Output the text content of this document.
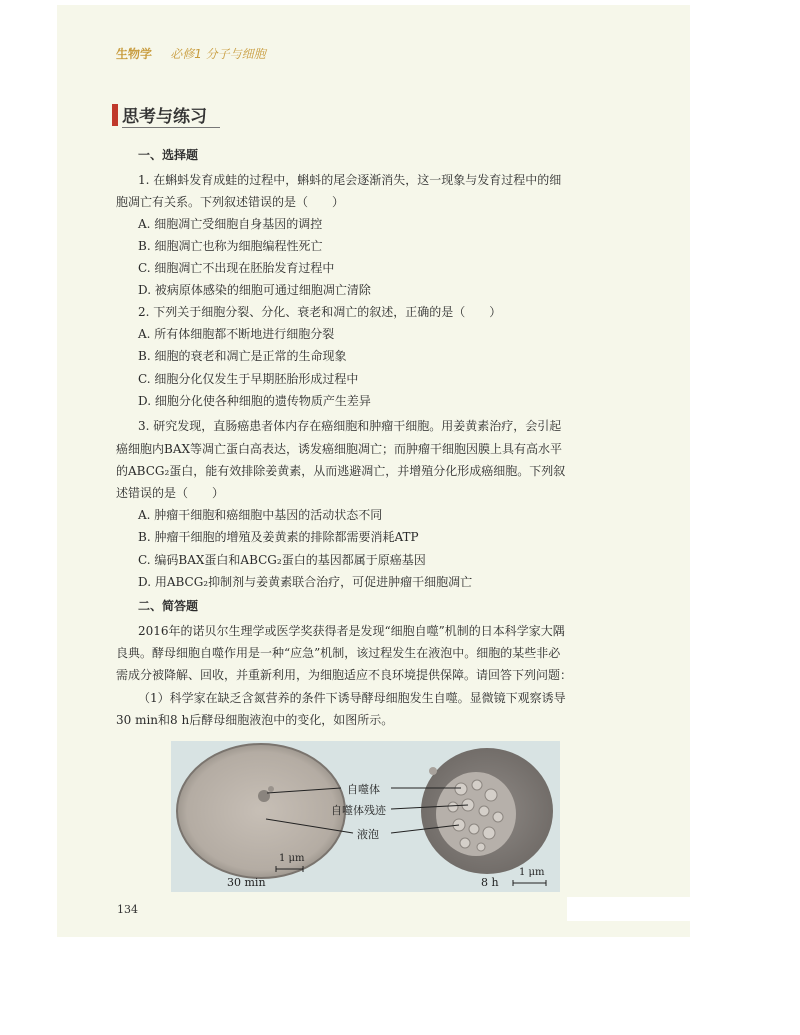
生物学 必修1 分子与细胞
思考与练习
一、选择题
1. 在蝌蚪发育成蛙的过程中，蝌蚪的尾会逐渐消失，这一现象与发育过程中的细
胞凋亡有关系。下列叙述错误的是（　　）
A. 细胞凋亡受细胞自身基因的调控
B. 细胞凋亡也称为细胞编程性死亡
C. 细胞凋亡不出现在胚胎发育过程中
D. 被病原体感染的细胞可通过细胞凋亡清除
2. 下列关于细胞分裂、分化、衰老和凋亡的叙述，正确的是（　　）
A. 所有体细胞都不断地进行细胞分裂
B. 细胞的衰老和凋亡是正常的生命现象
C. 细胞分化仅发生于早期胚胎形成过程中
D. 细胞分化使各种细胞的遗传物质产生差异
3. 研究发现，直肠癌患者体内存在癌细胞和肿瘤干细胞。用姜黄素治疗，会引起
癌细胞内BAX等凋亡蛋白高表达，诱发癌细胞凋亡；而肿瘤干细胞因膜上具有高水平
的ABCG₂蛋白，能有效排除姜黄素，从而逃避凋亡，并增殖分化形成癌细胞。下列叙
述错误的是（　　）
A. 肿瘤干细胞和癌细胞中基因的活动状态不同
B. 肿瘤干细胞的增殖及姜黄素的排除都需要消耗ATP
C. 编码BAX蛋白和ABCG₂蛋白的基因都属于原癌基因
D. 用ABCG₂抑制剂与姜黄素联合治疗，可促进肿瘤干细胞凋亡
二、简答题
2016年的诺贝尔生理学或医学奖获得者是发现“细胞自噬”机制的日本科学家大隅
良典。酵母细胞自噬作用是一种“应急”机制，该过程发生在液泡中。细胞的某些非必
需成分被降解、回收，并重新利用，为细胞适应不良环境提供保障。请回答下列问题：
（1）科学家在缺乏含氮营养的条件下诱导酵母细胞发生自噬。显微镜下观察诱导
30 min和8 h后酵母细胞液泡中的变化，如图所示。
自噬体
自噬体残迹
液泡
1 μm
1 μm
30 min	8 h
134
